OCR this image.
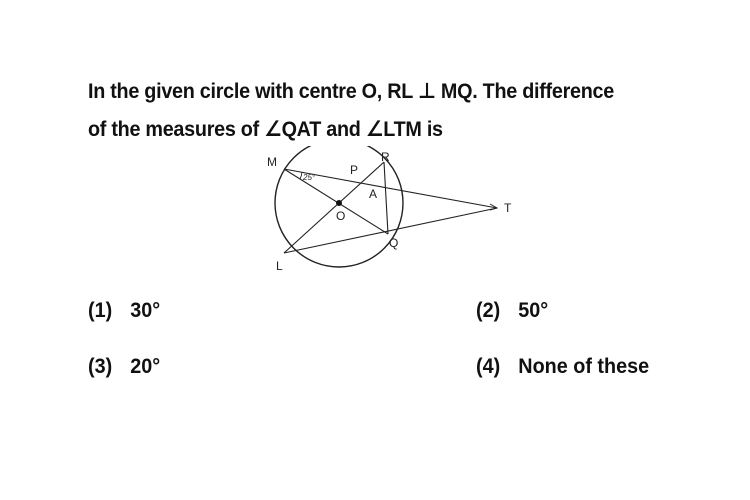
In the given circle with centre O, RL ⊥ MQ. The difference
of the measures of ∠QAT and ∠LTM is
M	R
P
A
O
T
Q
L
25°
(1) 30°	(2) 50°
(3) 20°	(4) None of these
